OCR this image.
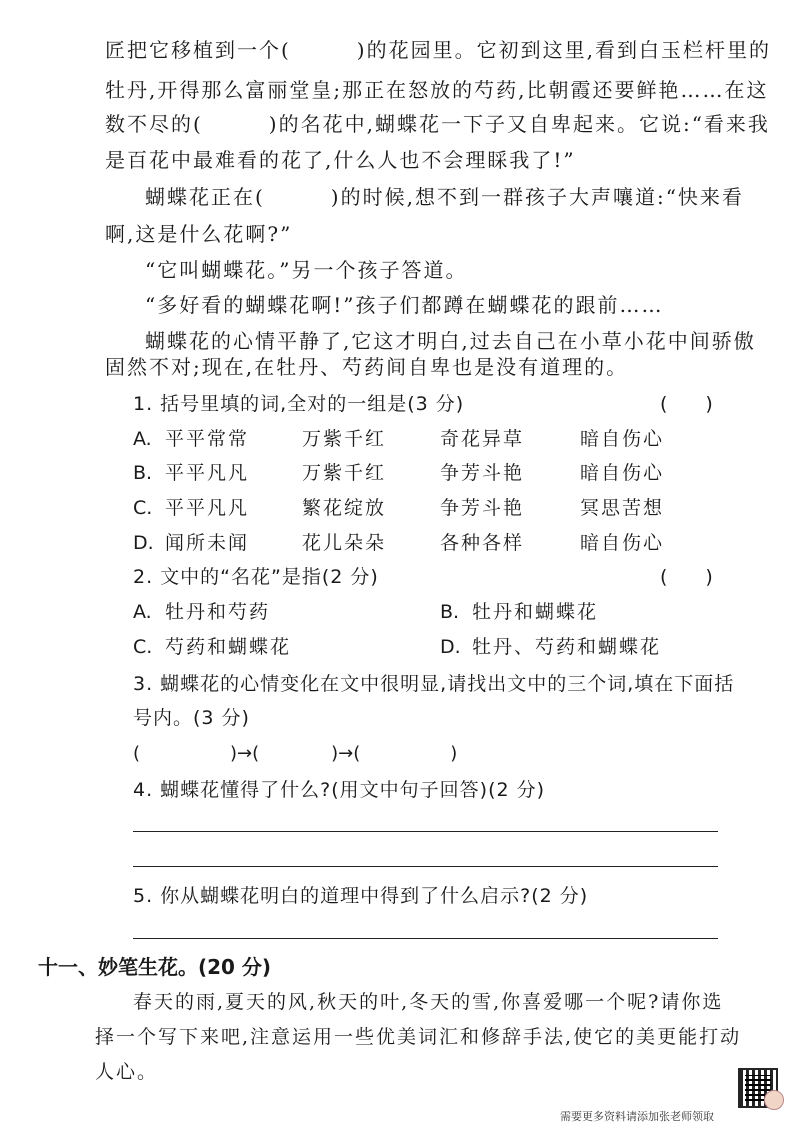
匠把它移植到一个(　　　)的花园里。它初到这里,看到白玉栏杆里的
牡丹,开得那么富丽堂皇;那正在怒放的芍药,比朝霞还要鲜艳……在这
数不尽的(　　　)的名花中,蝴蝶花一下子又自卑起来。它说:“看来我
是百花中最难看的花了,什么人也不会理睬我了!”
蝴蝶花正在(　　　)的时候,想不到一群孩子大声嚷道:“快来看
啊,这是什么花啊?”
“它叫蝴蝶花。”另一个孩子答道。
“多好看的蝴蝶花啊!”孩子们都蹲在蝴蝶花的跟前……
蝴蝶花的心情平静了,它这才明白,过去自己在小草小花中间骄傲
固然不对;现在,在牡丹、芍药间自卑也是没有道理的。
1. 括号里填的词,全对的一组是(3 分)	(　　)
A. 平平常常	万紫千红	奇花异草	暗自伤心
B. 平平凡凡	万紫千红	争芳斗艳	暗自伤心
C. 平平凡凡	繁花绽放	争芳斗艳	冥思苦想
D. 闻所未闻	花儿朵朵	各种各样	暗自伤心
2. 文中的“名花”是指(2 分)	(　　)
A. 牡丹和芍药	B. 牡丹和蝴蝶花
C. 芍药和蝴蝶花	D. 牡丹、芍药和蝴蝶花
3. 蝴蝶花的心情变化在文中很明显,请找出文中的三个词,填在下面括
号内。(3 分)
(　　　　　)→(　　　　)→(　　　　　)
4. 蝴蝶花懂得了什么?(用文中句子回答)(2 分)
5. 你从蝴蝶花明白的道理中得到了什么启示?(2 分)
十一、妙笔生花。(20 分)
春天的雨,夏天的风,秋天的叶,冬天的雪,你喜爱哪一个呢?请你选
择一个写下来吧,注意运用一些优美词汇和修辞手法,使它的美更能打动
人心。
需要更多资料请添加张老师领取
